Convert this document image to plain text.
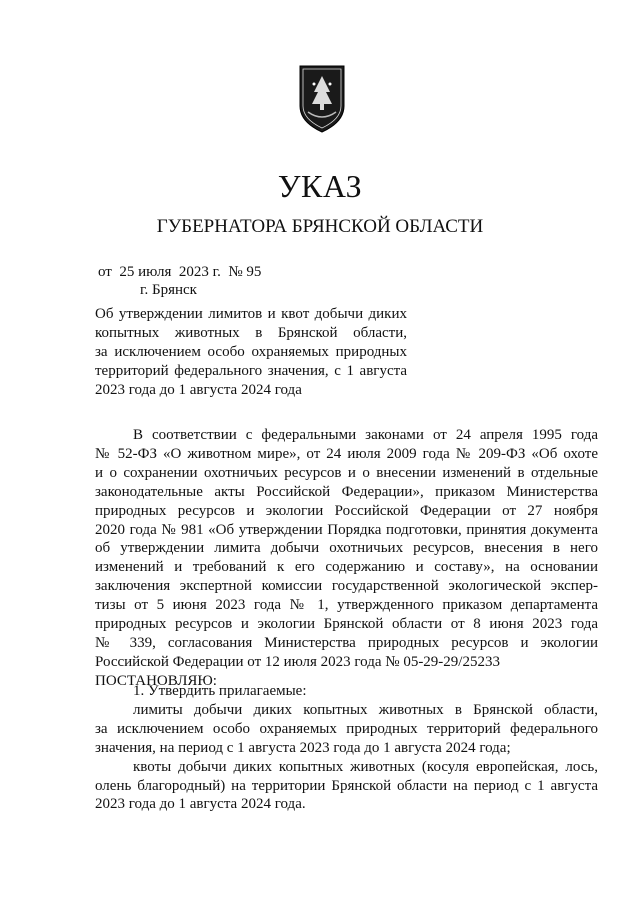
УКАЗ
ГУБЕРНАТОРА БРЯНСКОЙ ОБЛАСТИ
от  25 июля  2023 г.  № 95
г. Брянск

Об утверждении лимитов и квот добычи диких

копытных животных в Брянской области,

за исключением особо охраняемых природных

территорий федерального значения, с 1 августа

2023 года до 1 августа 2024 года

В соответствии с федеральными законами от 24 апреля 1995 года

№ 52-ФЗ «О животном мире», от 24 июля 2009 года № 209-ФЗ «Об охоте

и о сохранении охотничьих ресурсов и о внесении изменений в отдельные

законодательные акты Российской Федерации», приказом Министерства

природных ресурсов и экологии Российской Федерации от 27 ноября

2020 года № 981 «Об утверждении Порядка подготовки, принятия документа

об утверждении лимита добычи охотничьих ресурсов, внесения в него

изменений и требований к его содержанию и составу», на основании

заключения экспертной комиссии государственной экологической экспер-

тизы от 5 июня 2023 года № 1, утвержденного приказом департамента

природных ресурсов и экологии Брянской области от 8 июня 2023 года

№ 339, согласования Министерства природных ресурсов и экологии

Российской Федерации от 12 июля 2023 года № 05-29-29/25233

ПОСТАНОВЛЯЮ:

1. Утвердить прилагаемые:

лимиты добычи диких копытных животных в Брянской области,

за исключением особо охраняемых природных территорий федерального

значения, на период с 1 августа 2023 года до 1 августа 2024 года;

квоты добычи диких копытных животных (косуля европейская, лось,

олень благородный) на территории Брянской области на период с 1 августа

2023 года до 1 августа 2024 года.
